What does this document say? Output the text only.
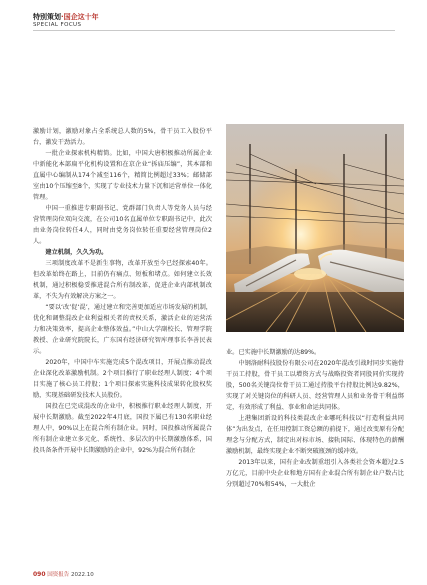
特别策划·国企这十年
SPECIAL FOCUS

激励计划，激励对象占全系统总人数的5%，骨干员工入股份平台，激发干劲活力。

一批企业探索机构精简。比如，中国大唐积极推动所属企业中新能化本部扁平化机构设置和在京企业“拆庙压编”，其本部和直属中心编制从174个减至116个，精简比例超过33%；邮储部室由10个压缩至8个，实现了专业技术力量下沉和运营单位一体化管理。

中国一重推进专职副书记、党群部门负责人等党务人员与经营管理岗位双向交流，在公司10名直属单位专职副书记中，此次由业务岗位转任4人，同时由党务岗位转任重要经营管理岗位2人。

建立机制，久久为功。

三项制度改革不是新生事物，改革开放至今已经探索40年。但改革始终在路上，目前仍有痛点、短板和堵点。如何建立长效机制，通过积极稳妥推进混合所有制改革，促进企业内部机制改革，不失为有效解决方案之一。

“要以‘改’促‘混’，通过建立和完善更加适应市场发展的机制，优化和调整混改企业利益相关者的责权关系，激活企业的运营活力和决策效率，提高企业整体效益。”中山大学副校长、管理学院教授、企业研究院院长，广东国有经济研究智库理事长李善民表示。

2020年，中国中车实施完成5个混改项目，开展点推动混改企业深化改革激励机制。2个项目推行了职业经理人制度；4个项目实施了核心员工持股；1个项目探索实施科技成果转化股权奖励，实现基础研发技术人员股份。

国投在已完成混改的企业中，积极推行职业经理人制度，开展中长期激励。截至2022年4月底，国投下属已有130名职业经理人中，90%以上在混合所有制企业。同时，国投推动所属混合所有制企业建立多元化、系统性、多层次的中长期激励体系，国投具备条件开展中长期激励的企业中，92%为混合所有制企

业。已实施中长期激励的达89%。

中钢洛耐科技股份有限公司在2020年混改引战时同步实施骨干员工持股，骨干员工以增资方式与战略投资者同股同价实现持股，500名关键岗位骨干员工通过持股平台持股比例达9.82%，实现了对关键岗位的科研人员、经营管理人员和业务骨干利益绑定，有效形成了利益、事业和命运共同体。

上港集团新设的科技类混改企业哪吒科技以“打造利益共同体”为出发点，在任用控制工资总额的前提下，通过改变原有分配理念与分配方式，制定出对标市场、接轨国际、体现特色的薪酬激励机制，最终实现企业不断突破瓶颈的缓冲效。

2013年以来，国有企业改制重组引入各类社会资本超过2.5万亿元，目前中央企业和地方国有企业混合所有制企业户数占比分别超过70%和54%，一大批企

090 国资报告 2022.10
